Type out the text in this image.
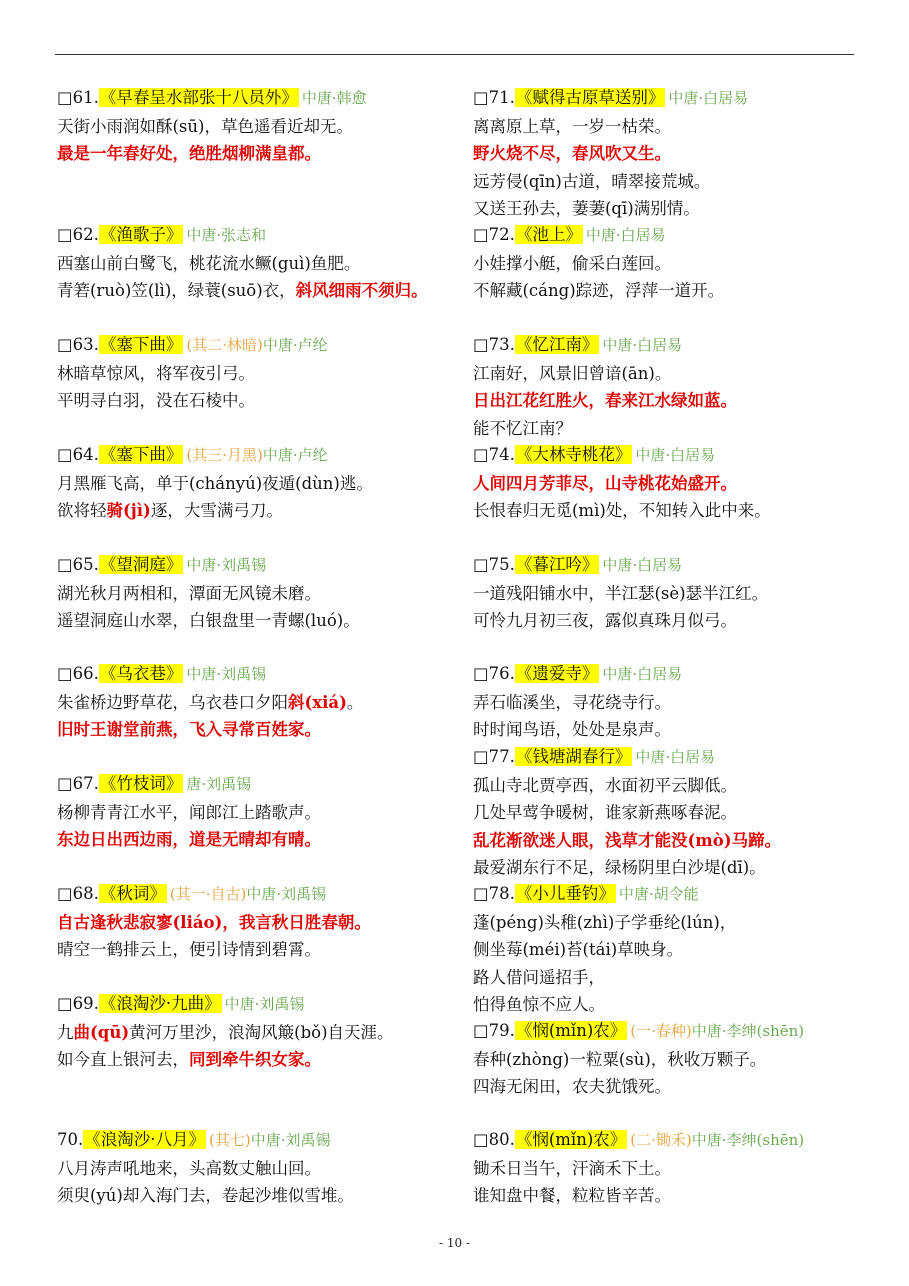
□61.《早春呈水部张十八员外》 中唐·韩愈
天街小雨润如酥(sū)，草色遥看近却无。
最是一年春好处，绝胜烟柳满皇都。
□62.《渔歌子》 中唐·张志和
西塞山前白鹭飞，桃花流水鳜(guì)鱼肥。
青箬(ruò)笠(lì)，绿蓑(suō)衣，斜风细雨不须归。
□63.《塞下曲》 (其二·林暗)中唐·卢纶
林暗草惊风，将军夜引弓。
平明寻白羽，没在石棱中。
□64.《塞下曲》 (其三·月黑)中唐·卢纶
月黑雁飞高，单于(chányú)夜遁(dùn)逃。
欲将轻骑(jì)逐，大雪满弓刀。
□65.《望洞庭》 中唐·刘禹锡
湖光秋月两相和，潭面无风镜未磨。
遥望洞庭山水翠，白银盘里一青螺(luó)。
□66.《乌衣巷》 中唐·刘禹锡
朱雀桥边野草花，乌衣巷口夕阳斜(xiá)。
旧时王谢堂前燕，飞入寻常百姓家。
□67.《竹枝词》 唐·刘禹锡
杨柳青青江水平，闻郎江上踏歌声。
东边日出西边雨，道是无晴却有晴。
□68.《秋词》 (其一·自古)中唐·刘禹锡
自古逢秋悲寂寥(liáo)，我言秋日胜春朝。
晴空一鹤排云上，便引诗情到碧霄。
□69.《浪淘沙·九曲》 中唐·刘禹锡
九曲(qū)黄河万里沙，浪淘风簸(bǒ)自天涯。
如今直上银河去，同到牵牛织女家。
70.《浪淘沙·八月》 (其七)中唐·刘禹锡
八月涛声吼地来，头高数丈触山回。
须臾(yú)却入海门去，卷起沙堆似雪堆。
□71.《赋得古原草送别》 中唐·白居易
离离原上草，一岁一枯荣。
野火烧不尽，春风吹又生。
远芳侵(qīn)古道，晴翠接荒城。
又送王孙去，萋萋(qī)满别情。
□72.《池上》 中唐·白居易
小娃撑小艇，偷采白莲回。
不解藏(cáng)踪迹，浮萍一道开。
□73.《忆江南》 中唐·白居易
江南好，风景旧曾谙(ān)。
日出江花红胜火，春来江水绿如蓝。
能不忆江南？
□74.《大林寺桃花》 中唐·白居易
人间四月芳菲尽，山寺桃花始盛开。
长恨春归无觅(mì)处，不知转入此中来。
□75.《暮江吟》 中唐·白居易
一道残阳铺水中，半江瑟(sè)瑟半江红。
可怜九月初三夜，露似真珠月似弓。
□76.《遗爱寺》 中唐·白居易
弄石临溪坐，寻花绕寺行。
时时闻鸟语，处处是泉声。
□77.《钱塘湖春行》 中唐·白居易
孤山寺北贾亭西，水面初平云脚低。
几处早莺争暖树，谁家新燕啄春泥。
乱花渐欲迷人眼，浅草才能没(mò)马蹄。
最爱湖东行不足，绿杨阴里白沙堤(dī)。
□78.《小儿垂钓》 中唐·胡令能
蓬(péng)头稚(zhì)子学垂纶(lún)，
侧坐莓(méi)苔(tái)草映身。
路人借问遥招手，
怕得鱼惊不应人。
□79.《悯(mǐn)农》 (一·春种)中唐·李绅(shēn)
春种(zhòng)一粒粟(sù)，秋收万颗子。
四海无闲田，农夫犹饿死。
□80.《悯(mǐn)农》 (二·锄禾)中唐·李绅(shēn)
锄禾日当午，汗滴禾下土。
谁知盘中餐，粒粒皆辛苦。
- 10 -
